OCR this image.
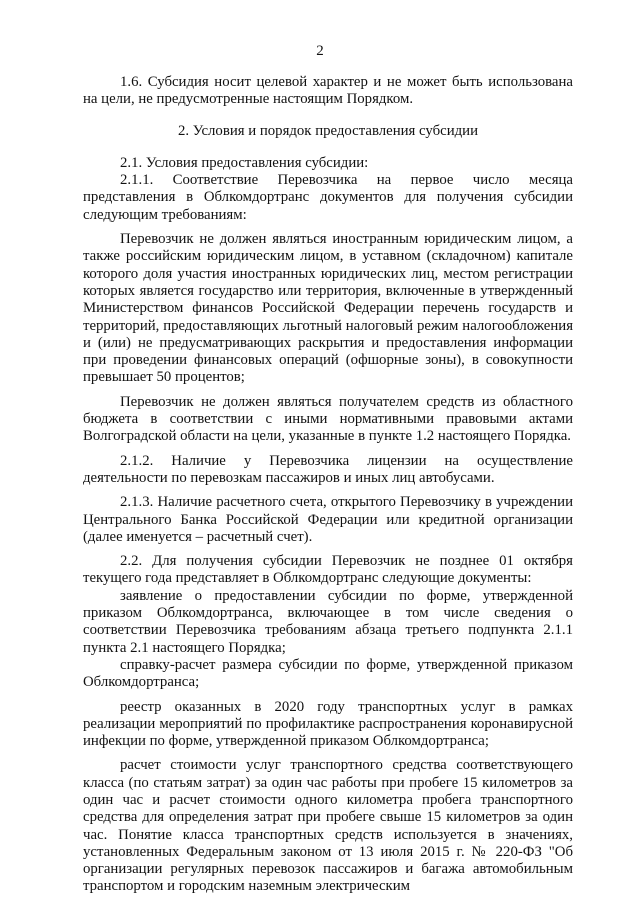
2

1.6. Субсидия носит целевой характер и не может быть использована на цели, не предусмотренные настоящим Порядком.

2. Условия и порядок предоставления субсидии

2.1. Условия предоставления субсидии:

2.1.1. Соответствие Перевозчика на первое число месяца представления в Облкомдортранс документов для получения субсидии следующим требованиям:

Перевозчик не должен являться иностранным юридическим лицом, а также российским юридическим лицом, в уставном (складочном) капитале которого доля участия иностранных юридических лиц, местом регистрации которых является государство или территория, включенные в утвержденный Министерством финансов Российской Федерации перечень государств и территорий, предоставляющих льготный налоговый режим налогообложения и (или) не предусматривающих раскрытия и предоставления информации при проведении финансовых операций (офшорные зоны), в совокупности превышает 50 процентов;

Перевозчик не должен являться получателем средств из областного бюджета в соответствии с иными нормативными правовыми актами Волгоградской области на цели, указанные в пункте 1.2 настоящего Порядка.

2.1.2. Наличие у Перевозчика лицензии на осуществление деятельности по перевозкам пассажиров и иных лиц автобусами.

2.1.3. Наличие расчетного счета, открытого Перевозчику в учреждении Центрального Банка Российской Федерации или кредитной организации (далее именуется – расчетный счет).

2.2. Для получения субсидии Перевозчик не позднее 01 октября текущего года представляет в Облкомдортранс следующие документы:

заявление о предоставлении субсидии по форме, утвержденной приказом Облкомдортранса, включающее в том числе сведения о соответствии Перевозчика требованиям абзаца третьего подпункта 2.1.1 пункта 2.1 настоящего Порядка;

справку-расчет размера субсидии по форме, утвержденной приказом Облкомдортранса;

реестр оказанных в 2020 году транспортных услуг в рамках реализации мероприятий по профилактике распространения коронавирусной инфекции по форме, утвержденной приказом Облкомдортранса;

расчет стоимости услуг транспортного средства соответствующего класса (по статьям затрат) за один час работы при пробеге 15 километров за один час и расчет стоимости одного километра пробега транспортного средства для определения затрат при пробеге свыше 15 километров за один час. Понятие класса транспортных средств используется в значениях, установленных Федеральным законом от 13 июля 2015 г. № 220-ФЗ "Об организации регулярных перевозок пассажиров и багажа автомобильным транспортом и городским наземным электрическим
